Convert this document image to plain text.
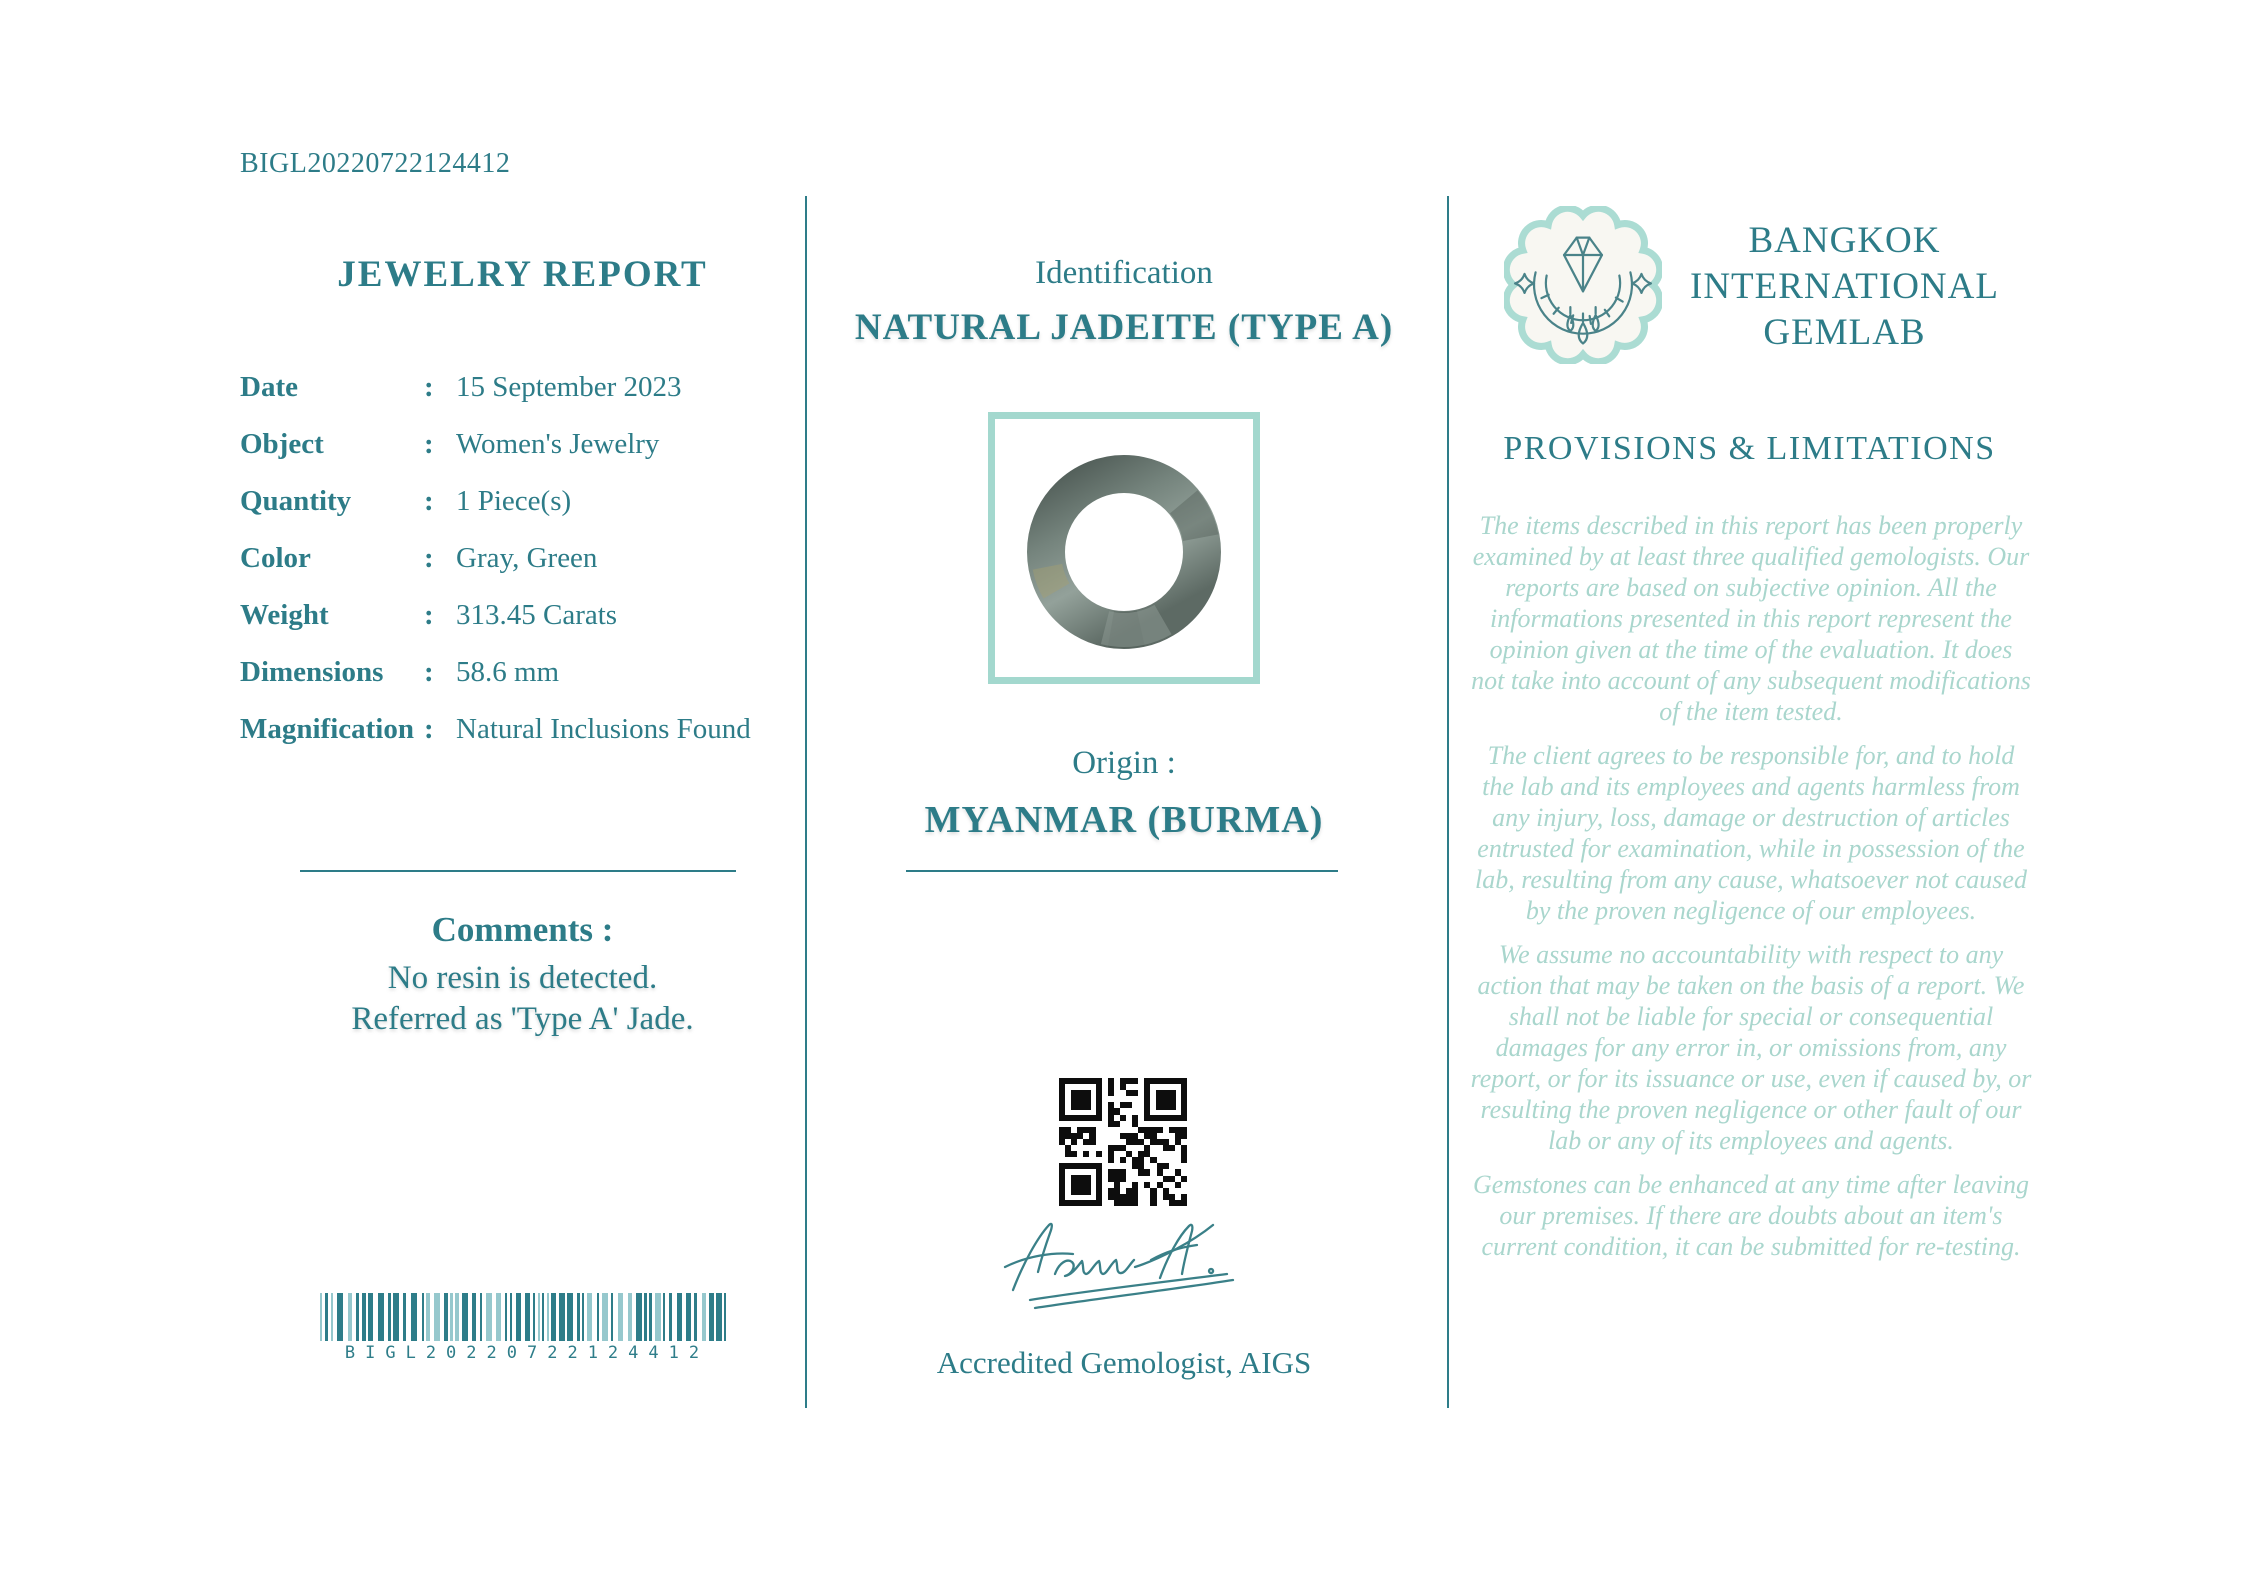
BIGL20220722124412
JEWELRY REPORT
Date	: 15 September 2023
Object	: Women's Jewelry
Quantity	: 1 Piece(s)
Color	: Gray, Green
Weight	: 313.45 Carats
Dimensions	: 58.6 mm
Magnification : Natural Inclusions Found
Comments :
No resin is detected.
Referred as 'Type A' Jade.
BIGL20220722124412
Identification
NATURAL JADEITE (TYPE A)
Origin :
MYANMAR (BURMA)
Accredited Gemologist, AIGS
BANGKOK INTERNATIONAL GEMLAB
PROVISIONS & LIMITATIONS

The items described in this report has been properly examined by at least three qualified gemologists. Our reports are based on subjective opinion. All the informations presented in this report represent the opinion given at the time of the evaluation. It does not take into account of any subsequent modifications of the item tested.

The client agrees to be responsible for, and to hold the lab and its employees and agents harmless from any injury, loss, damage or destruction of articles entrusted for examination, while in possession of the lab, resulting from any cause, whatsoever not caused by the proven negligence of our employees.

We assume no accountability with respect to any action that may be taken on the basis of a report. We shall not be liable for special or consequential damages for any error in, or omissions from, any report, or for its issuance or use, even if caused by, or resulting the proven negligence or other fault of our lab or any of its employees and agents.

Gemstones can be enhanced at any time after leaving our premises. If there are doubts about an item's current condition, it can be submitted for re-testing.
